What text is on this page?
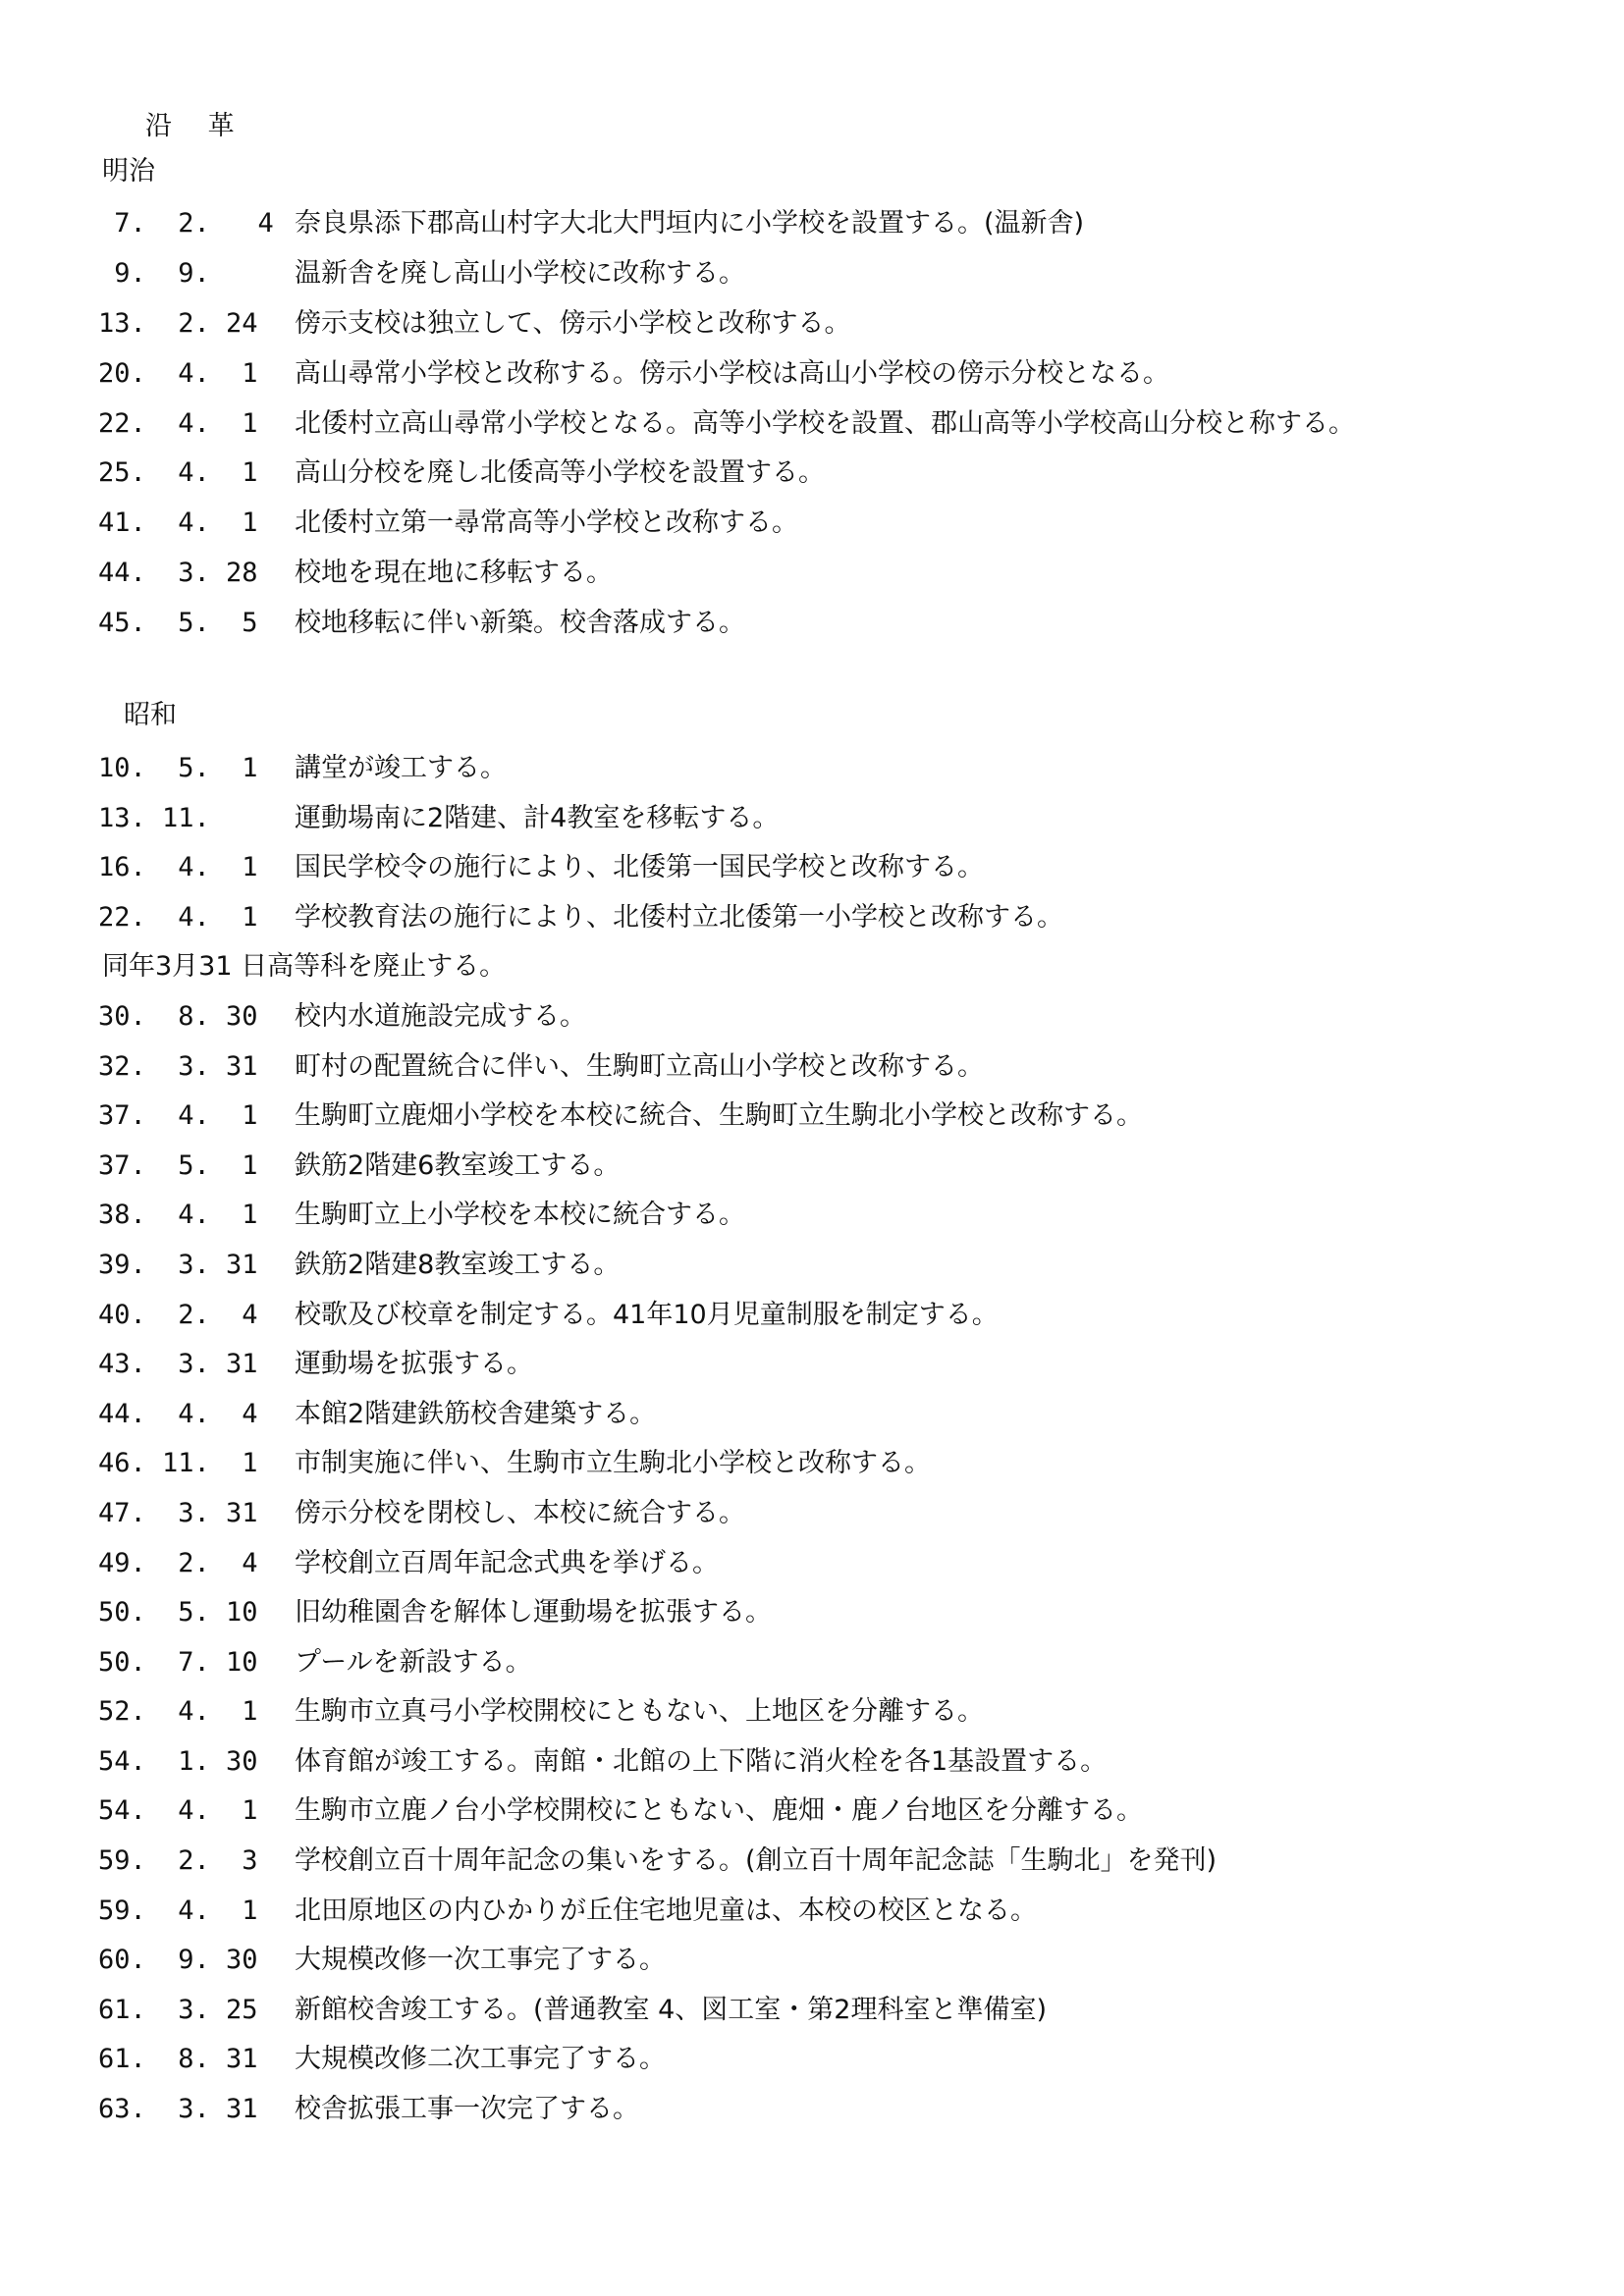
沿 革
明治
7.  2.   4 奈良県添下郡高山村字大北大門垣内に小学校を設置する。(温新舎)
9.  9.	温新舎を廃し高山小学校に改称する。
13.  2. 24	傍示支校は独立して、傍示小学校と改称する。
20.  4.  1	高山尋常小学校と改称する。傍示小学校は高山小学校の傍示分校となる。
22.  4.  1	北倭村立高山尋常小学校となる。高等小学校を設置、郡山高等小学校高山分校と称する。
25.  4.  1	高山分校を廃し北倭高等小学校を設置する。
41.  4.  1	北倭村立第一尋常高等小学校と改称する。
44.  3. 28	校地を現在地に移転する。
45.  5.  5	校地移転に伴い新築。校舎落成する。
昭和
10.  5.  1	講堂が竣工する。
13. 11.	運動場南に2階建、計4教室を移転する。
16.  4.  1	国民学校令の施行により、北倭第一国民学校と改称する。
22.  4.  1	学校教育法の施行により、北倭村立北倭第一小学校と改称する。
同年3月31 日高等科を廃止する。
30.  8. 30	校内水道施設完成する。
32.  3. 31	町村の配置統合に伴い、生駒町立高山小学校と改称する。
37.  4.  1	生駒町立鹿畑小学校を本校に統合、生駒町立生駒北小学校と改称する。
37.  5.  1	鉄筋2階建6教室竣工する。
38.  4.  1	生駒町立上小学校を本校に統合する。
39.  3. 31	鉄筋2階建8教室竣工する。
40.  2.  4	校歌及び校章を制定する。41年10月児童制服を制定する。
43.  3. 31	運動場を拡張する。
44.  4.  4	本館2階建鉄筋校舎建築する。
46. 11.  1	市制実施に伴い、生駒市立生駒北小学校と改称する。
47.  3. 31	傍示分校を閉校し、本校に統合する。
49.  2.  4	学校創立百周年記念式典を挙げる。
50.  5. 10	旧幼稚園舎を解体し運動場を拡張する。
50.  7. 10	プールを新設する。
52.  4.  1	生駒市立真弓小学校開校にともない、上地区を分離する。
54.  1. 30	体育館が竣工する。南館・北館の上下階に消火栓を各1基設置する。
54.  4.  1	生駒市立鹿ノ台小学校開校にともない、鹿畑・鹿ノ台地区を分離する。
59.  2.  3	学校創立百十周年記念の集いをする。(創立百十周年記念誌「生駒北」を発刊)
59.  4.  1	北田原地区の内ひかりが丘住宅地児童は、本校の校区となる。
60.  9. 30	大規模改修一次工事完了する。
61.  3. 25	新館校舎竣工する。(普通教室 4、図工室・第2理科室と準備室)
61.  8. 31	大規模改修二次工事完了する。
63.  3. 31	校舎拡張工事一次完了する。
